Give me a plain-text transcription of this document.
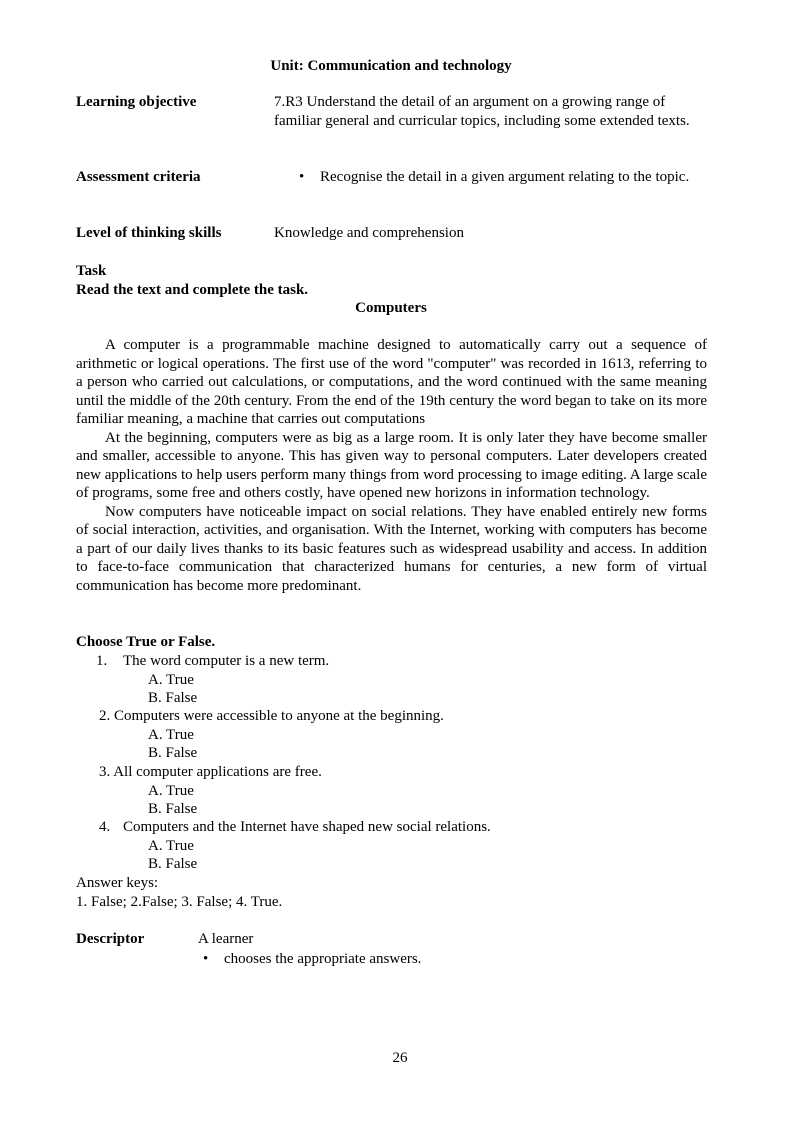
Unit: Communication and technology
Learning objective	7.R3 Understand the detail of an argument on a growing range of familiar general and curricular topics, including some extended texts.
Assessment criteria
•	Recognise the detail in a given argument relating to the topic.
Level of thinking skills	Knowledge and comprehension
Task
Read the text and complete the task.
Computers

A computer is a programmable machine designed to automatically carry out a sequence of arithmetic or logical operations. The first use of the word "computer" was recorded in 1613, referring to a person who carried out calculations, or computations, and the word continued with the same meaning until the middle of the 20th century. From the end of the 19th century the word began to take on its more familiar meaning, a machine that carries out computations

At the beginning, computers were as big as a large room. It is only later they have become smaller and smaller, accessible to anyone. This has given way to personal computers. Later developers created new applications to help users perform many things from word processing to image editing. A large scale of programs, some free and others costly, have opened new horizons in information technology.

Now computers have noticeable impact on social relations. They have enabled entirely new forms of social interaction, activities, and organisation. With the Internet, working with computers has become a part of our daily lives thanks to its basic features such as widespread usability and access. In addition to face-to-face communication that characterized humans for centuries, a new form of virtual communication has become more predominant.

Choose True or False.

1. The word computer is a new term.

A. True

B. False

2. Computers were accessible to anyone at the beginning.

A. True

B. False

3. All computer applications are free.

A. True

B. False

4. Computers and the Internet have shaped new social relations.

A. True

B. False

Answer keys:
1. False; 2.False; 3. False; 4. True.
Descriptor	A learner
• chooses the appropriate answers.
26
